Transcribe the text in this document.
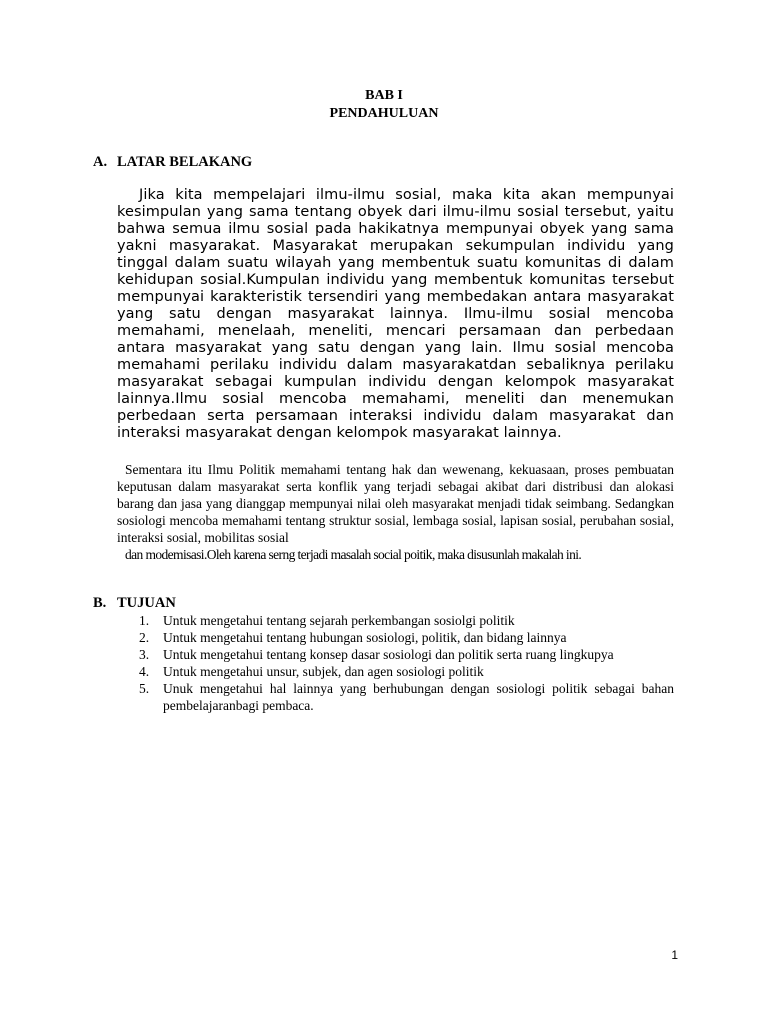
BAB I
PENDAHULUAN
A. LATAR BELAKANG

Jika kita mempelajari ilmu-ilmu sosial, maka kita akan mempunyai kesimpulan yang sama tentang obyek dari ilmu-ilmu sosial tersebut, yaitu bahwa semua ilmu sosial pada hakikatnya mempunyai obyek yang sama yakni masyarakat. Masyarakat merupakan sekumpulan individu yang tinggal dalam suatu wilayah yang membentuk suatu komunitas di dalam kehidupan sosial.Kumpulan individu yang membentuk komunitas tersebut mempunyai karakteristik tersendiri yang membedakan antara masyarakat yang satu dengan masyarakat lainnya. Ilmu-ilmu sosial mencoba memahami, menelaah, meneliti, mencari persamaan dan perbedaan antara masyarakat yang satu dengan yang lain. Ilmu sosial mencoba memahami perilaku individu dalam masyarakatdan sebaliknya perilaku masyarakat sebagai kumpulan individu dengan kelompok masyarakat lainnya.Ilmu sosial mencoba memahami, meneliti dan menemukan perbedaan serta persamaan interaksi individu dalam masyarakat dan interaksi masyarakat dengan kelompok masyarakat lainnya.

Sementara itu Ilmu Politik memahami tentang hak dan wewenang, kekuasaan, proses pembuatan keputusan dalam masyarakat serta konflik yang terjadi sebagai akibat dari distribusi dan alokasi barang dan jasa yang dianggap mempunyai nilai oleh masyarakat menjadi tidak seimbang. Sedangkan sosiologi mencoba memahami tentang struktur sosial, lembaga sosial, lapisan sosial, perubahan sosial, interaksi sosial, mobilitas sosial
dan modemisasi.Oleh karena serng terjadi masalah social poitik, maka disusunlah makalah ini.
B. TUJUAN
1. Untuk mengetahui tentang sejarah perkembangan sosiolgi politik
2. Untuk mengetahui tentang hubungan sosiologi, politik, dan bidang lainnya
3. Untuk mengetahui tentang konsep dasar sosiologi dan politik serta ruang lingkupya
4. Untuk mengetahui unsur, subjek, dan agen sosiologi politik
5. Unuk mengetahui hal lainnya yang berhubungan dengan sosiologi politik sebagai bahan pembelajaranbagi pembaca.
1
